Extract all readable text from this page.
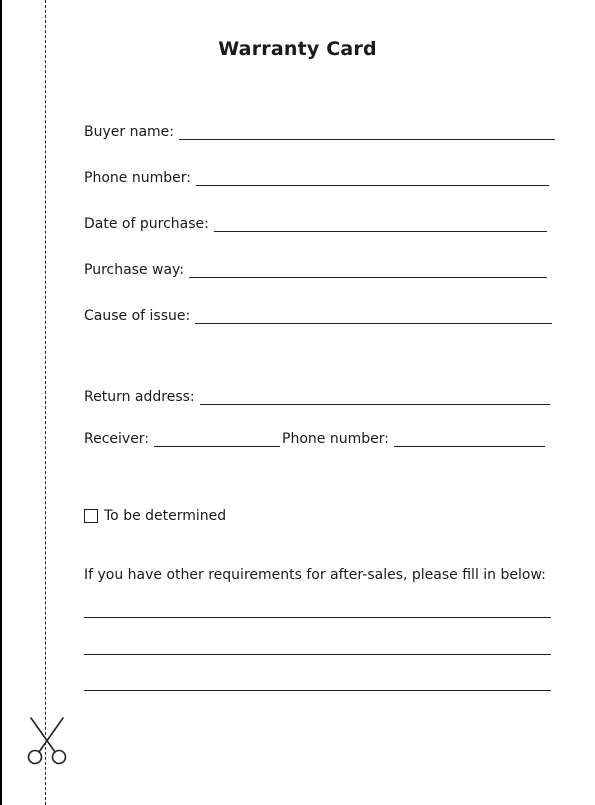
Warranty Card
Buyer name:
Phone number:
Date of purchase:
Purchase way:
Cause of issue:
Return address:
Receiver:	Phone number:
To be determined
If you have other requirements for after-sales, please fill in below:
